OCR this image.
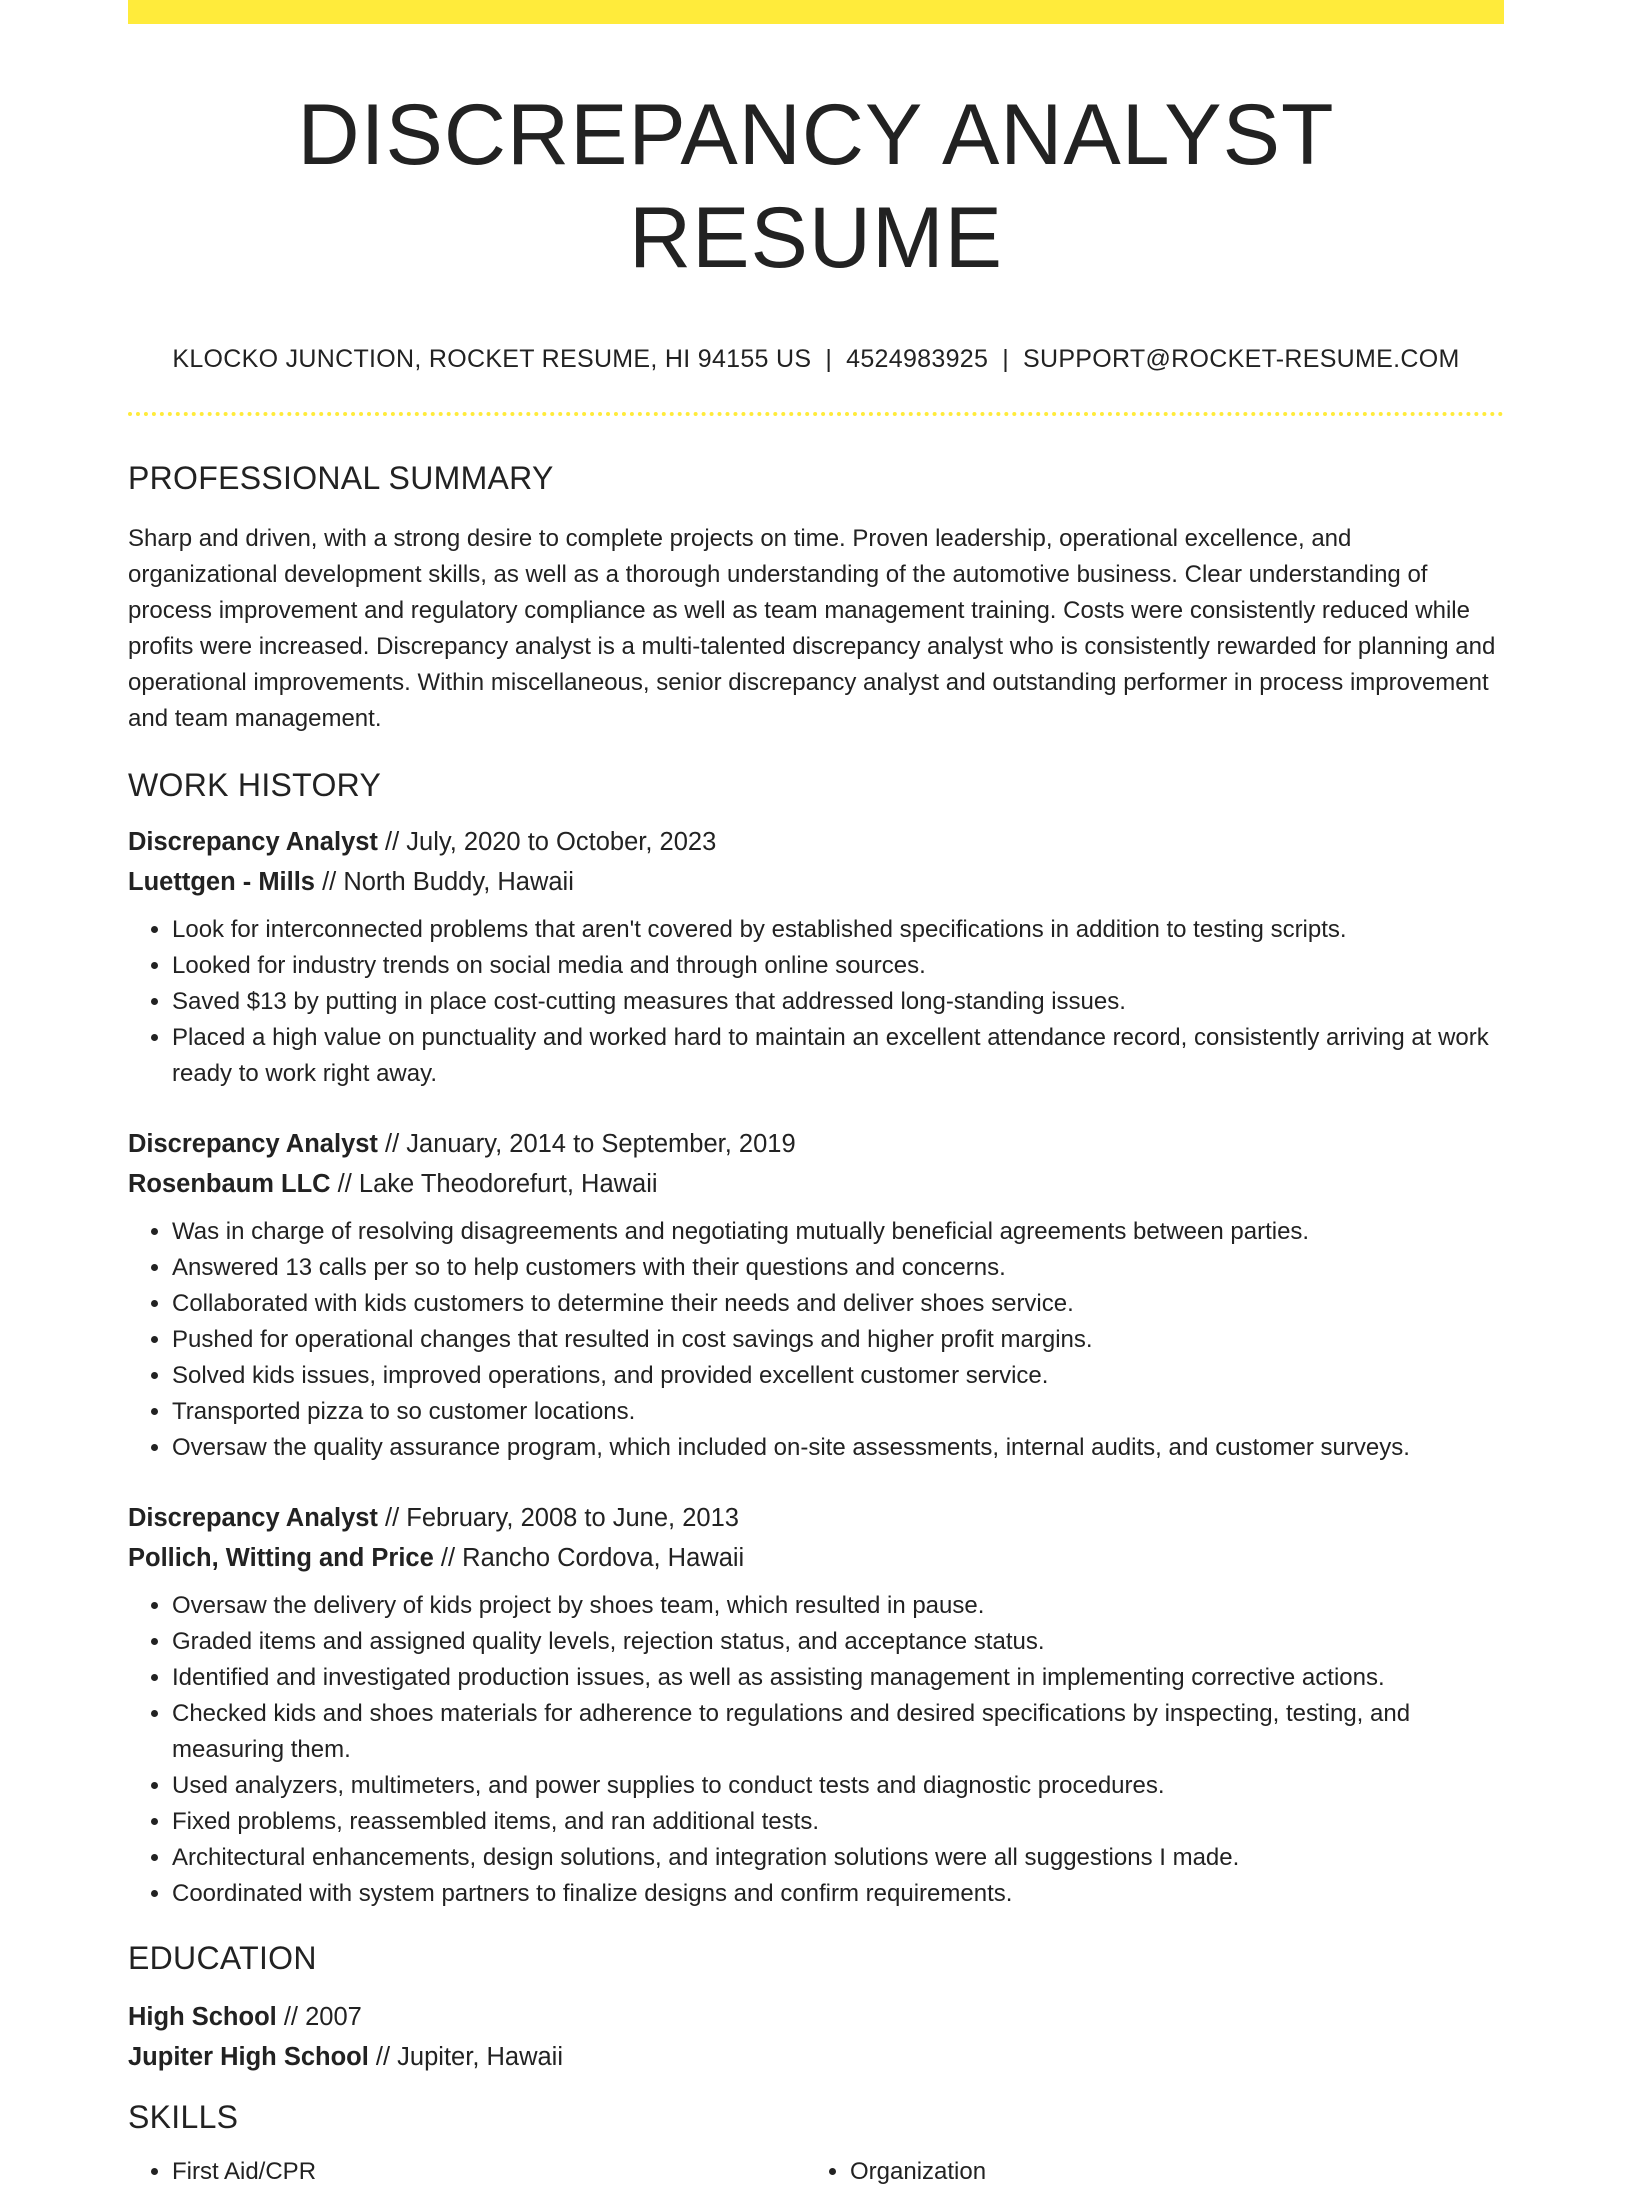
DISCREPANCY ANALYST RESUME
KLOCKO JUNCTION, ROCKET RESUME, HI 94155 US | 4524983925 | SUPPORT@ROCKET-RESUME.COM
PROFESSIONAL SUMMARY

Sharp and driven, with a strong desire to complete projects on time. Proven leadership, operational excellence, and organizational development skills, as well as a thorough understanding of the automotive business. Clear understanding of process improvement and regulatory compliance as well as team management training. Costs were consistently reduced while profits were increased. Discrepancy analyst is a multi-talented discrepancy analyst who is consistently rewarded for planning and operational improvements. Within miscellaneous, senior discrepancy analyst and outstanding performer in process improvement and team management.

WORK HISTORY
Discrepancy Analyst // July, 2020 to October, 2023
Luettgen - Mills // North Buddy, Hawaii
• Look for interconnected problems that aren't covered by established specifications in addition to testing scripts.
• Looked for industry trends on social media and through online sources.
• Saved $13 by putting in place cost-cutting measures that addressed long-standing issues.
• Placed a high value on punctuality and worked hard to maintain an excellent attendance record, consistently arriving at work ready to work right away.
Discrepancy Analyst // January, 2014 to September, 2019
Rosenbaum LLC // Lake Theodorefurt, Hawaii
• Was in charge of resolving disagreements and negotiating mutually beneficial agreements between parties.
• Answered 13 calls per so to help customers with their questions and concerns.
• Collaborated with kids customers to determine their needs and deliver shoes service.
• Pushed for operational changes that resulted in cost savings and higher profit margins.
• Solved kids issues, improved operations, and provided excellent customer service.
• Transported pizza to so customer locations.
• Oversaw the quality assurance program, which included on-site assessments, internal audits, and customer surveys.
Discrepancy Analyst // February, 2008 to June, 2013
Pollich, Witting and Price // Rancho Cordova, Hawaii
• Oversaw the delivery of kids project by shoes team, which resulted in pause.
• Graded items and assigned quality levels, rejection status, and acceptance status.
• Identified and investigated production issues, as well as assisting management in implementing corrective actions.
• Checked kids and shoes materials for adherence to regulations and desired specifications by inspecting, testing, and measuring them.
• Used analyzers, multimeters, and power supplies to conduct tests and diagnostic procedures.
• Fixed problems, reassembled items, and ran additional tests.
• Architectural enhancements, design solutions, and integration solutions were all suggestions I made.
• Coordinated with system partners to finalize designs and confirm requirements.
EDUCATION
High School // 2007
Jupiter High School // Jupiter, Hawaii
SKILLS
• First Aid/CPR
•	Organization
